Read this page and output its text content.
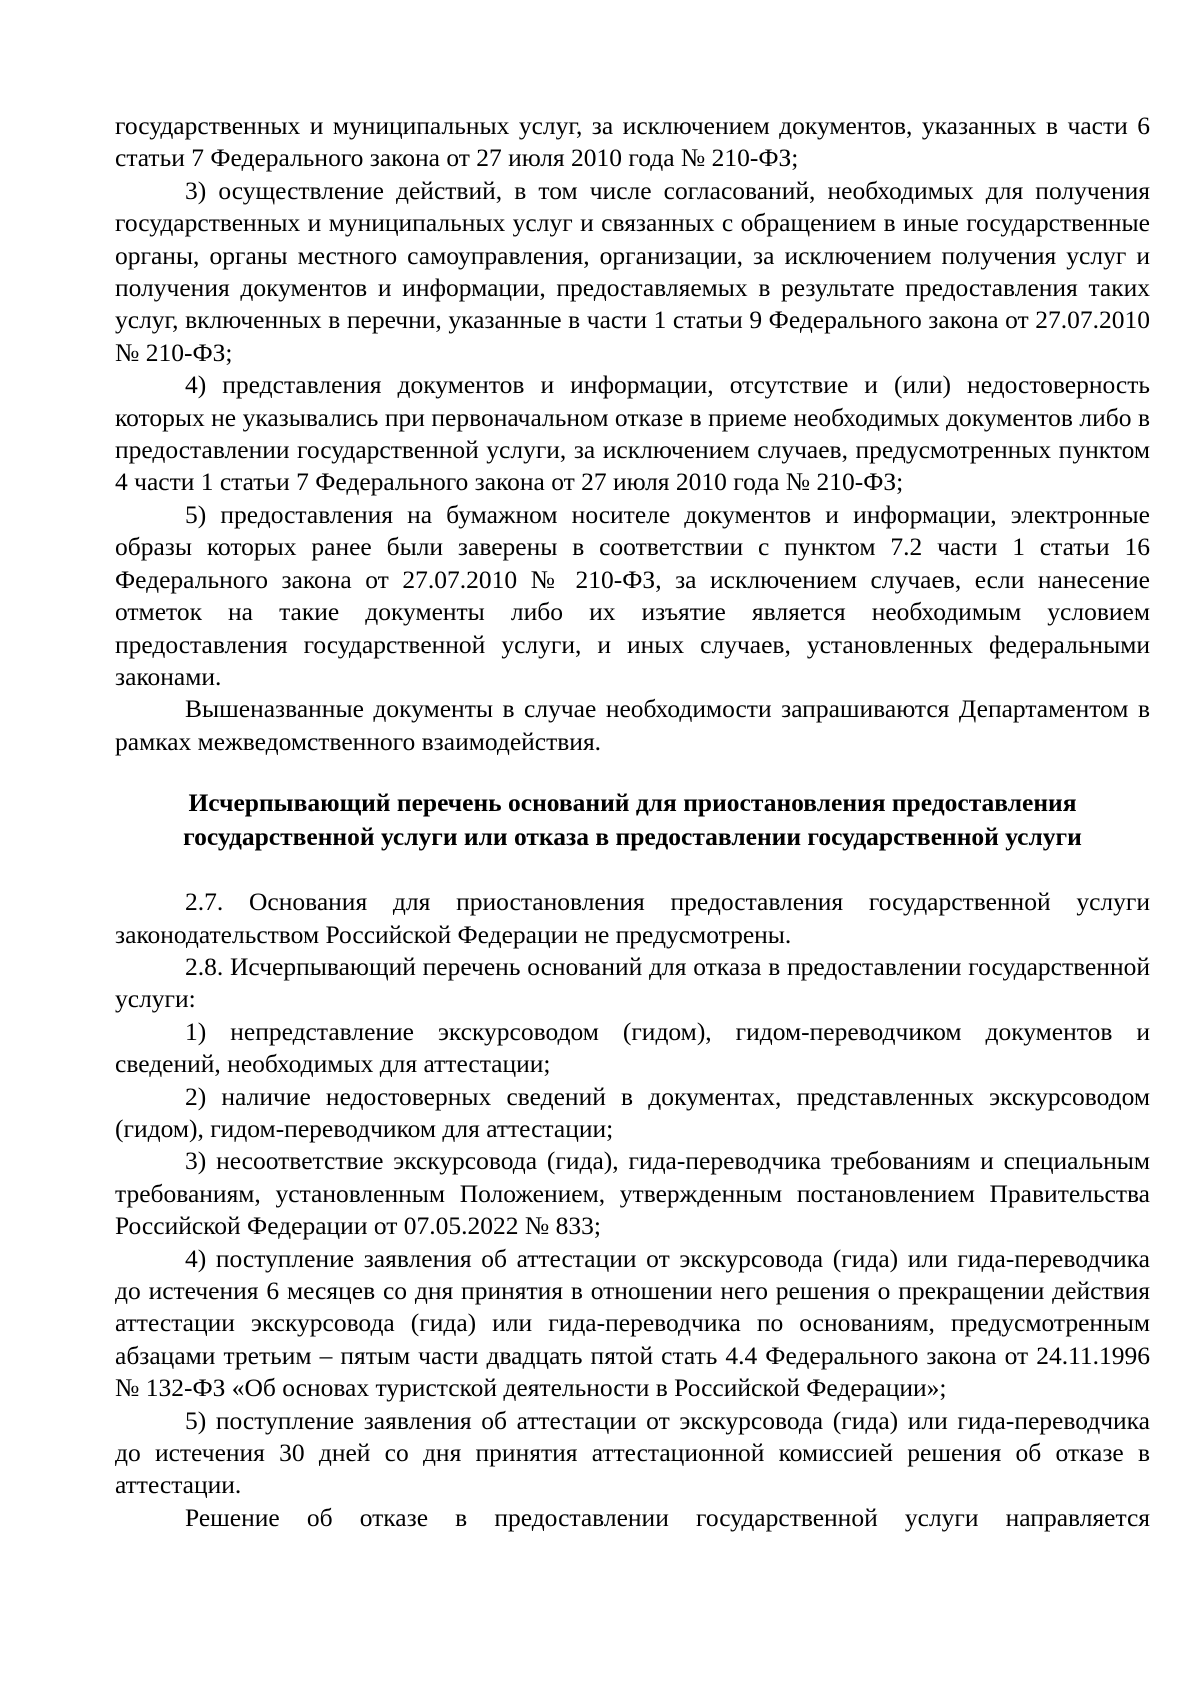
государственных и муниципальных услуг, за исключением документов, указанных в части 6 статьи 7 Федерального закона от 27 июля 2010 года № 210-ФЗ;

3) осуществление действий, в том числе согласований, необходимых для получения государственных и муниципальных услуг и связанных с обращением в иные государственные органы, органы местного самоуправления, организации, за исключением получения услуг и получения документов и информации, предоставляемых в результате предоставления таких услуг, включенных в перечни, указанные в части 1 статьи 9 Федерального закона от 27.07.2010 № 210-ФЗ;

4) представления документов и информации, отсутствие и (или) недостоверность которых не указывались при первоначальном отказе в приеме необходимых документов либо в предоставлении государственной услуги, за исключением случаев, предусмотренных пунктом 4 части 1 статьи 7 Федерального закона от 27 июля 2010 года № 210-ФЗ;

5) предоставления на бумажном носителе документов и информации, электронные образы которых ранее были заверены в соответствии с пунктом 7.2 части 1 статьи 16 Федерального закона от 27.07.2010 № 210-ФЗ, за исключением случаев, если нанесение отметок на такие документы либо их изъятие является необходимым условием предоставления государственной услуги, и иных случаев, установленных федеральными законами.

Вышеназванные документы в случае необходимости запрашиваются Департаментом в рамках межведомственного взаимодействия.

Исчерпывающий перечень оснований для приостановления предоставления

государственной услуги или отказа в предоставлении государственной услуги

2.7. Основания для приостановления предоставления государственной услуги законодательством Российской Федерации не предусмотрены.

2.8. Исчерпывающий перечень оснований для отказа в предоставлении государственной услуги:

1) непредставление экскурсоводом (гидом), гидом-переводчиком документов и сведений, необходимых для аттестации;

2) наличие недостоверных сведений в документах, представленных экскурсоводом (гидом), гидом-переводчиком для аттестации;

3) несоответствие экскурсовода (гида), гида-переводчика требованиям и специальным требованиям, установленным Положением, утвержденным постановлением Правительства Российской Федерации от 07.05.2022 № 833;

4) поступление заявления об аттестации от экскурсовода (гида) или гида-переводчика до истечения 6 месяцев со дня принятия в отношении него решения о прекращении действия аттестации экскурсовода (гида) или гида-переводчика по основаниям, предусмотренным абзацами третьим – пятым части двадцать пятой стать 4.4 Федерального закона от 24.11.1996 № 132-ФЗ «Об основах туристской деятельности в Российской Федерации»;

5) поступление заявления об аттестации от экскурсовода (гида) или гида-переводчика до истечения 30 дней со дня принятия аттестационной комиссией решения об отказе в аттестации.

Решение об отказе в предоставлении государственной услуги направляется
